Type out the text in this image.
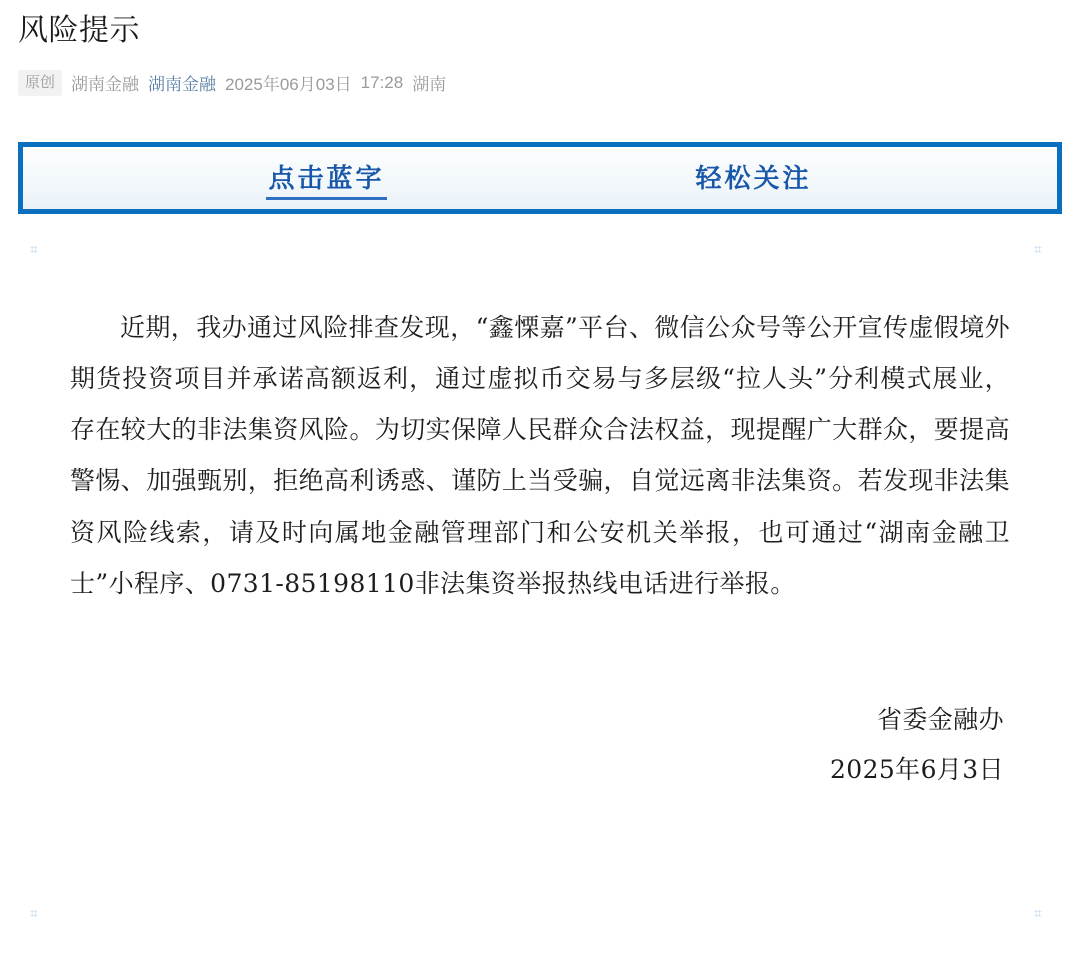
风险提示
原创 湖南金融 湖南金融 2025年06月03日 17:28 湖南
点击蓝字	轻松关注
⌗	⌗
⌗	⌗

近期，我办通过风险排查发现，“鑫慄嘉”平台、微信公众号等公开宣传虚假境外期货投资项目并承诺高额返利，通过虚拟币交易与多层级“拉人头”分利模式展业，存在较大的非法集资风险。为切实保障人民群众合法权益，现提醒广大群众，要提高警惕、加强甄别，拒绝高利诱惑、谨防上当受骗，自觉远离非法集资。若发现非法集资风险线索，请及时向属地金融管理部门和公安机关举报，也可通过“湖南金融卫士”小程序、0731-85198110非法集资举报热线电话进行举报。

省委金融办
2025年6月3日
